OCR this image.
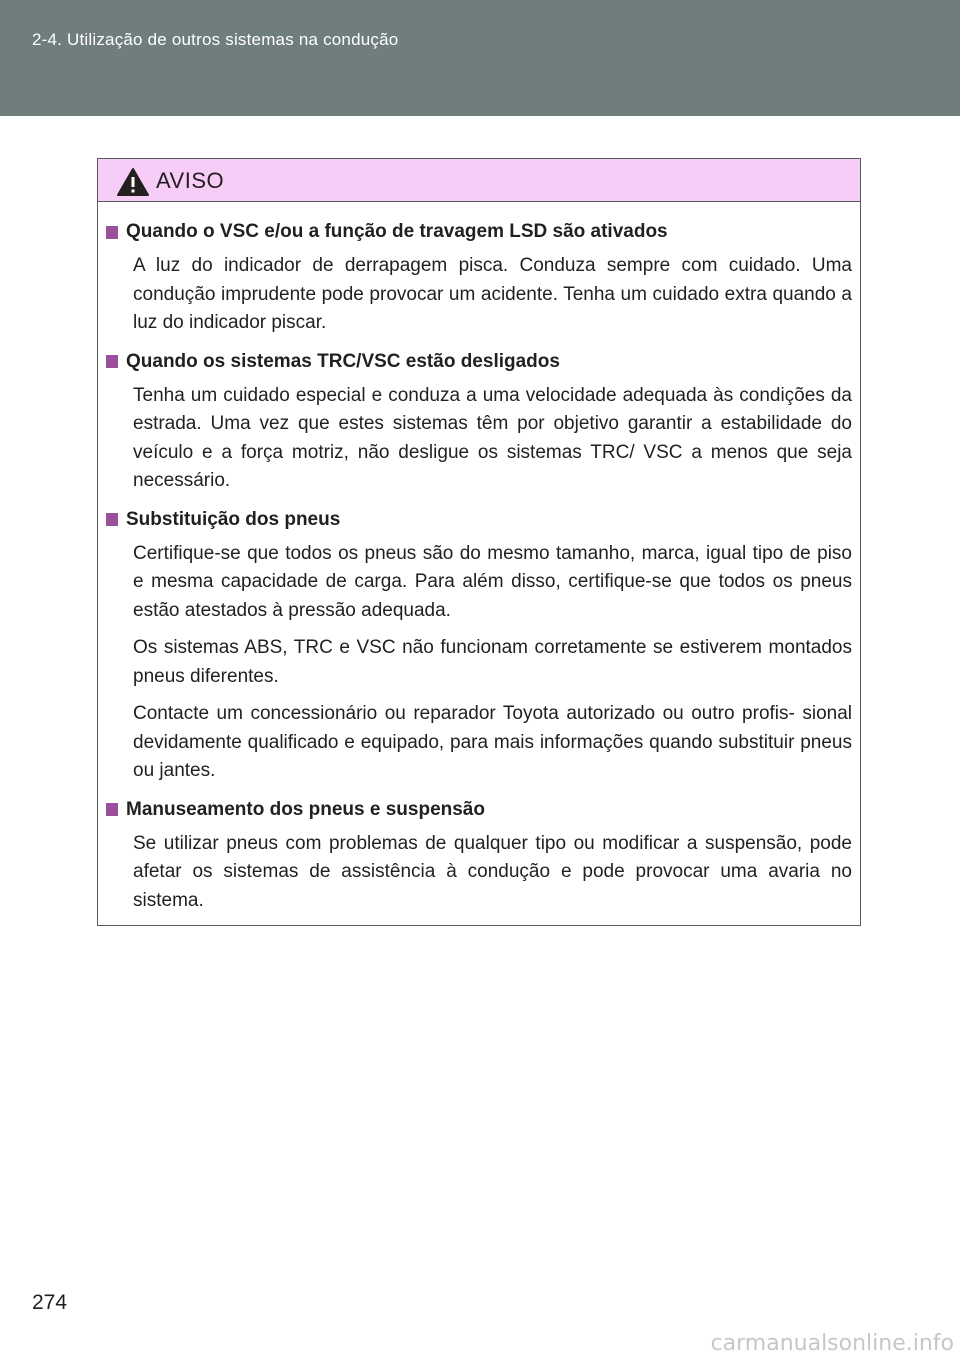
2-4. Utilização de outros sistemas na condução
AVISO
Quando o VSC e/ou a função de travagem LSD são ativados

A luz do indicador de derrapagem pisca. Conduza sempre com cuidado. Uma condução imprudente pode provocar um acidente. Tenha um cuidado extra quando a luz do indicador piscar.

Quando os sistemas TRC/VSC estão desligados

Tenha um cuidado especial e conduza a uma velocidade adequada às condições da estrada. Uma vez que estes sistemas têm por objetivo garantir a estabilidade do veículo e a força motriz, não desligue os sistemas TRC/ VSC a menos que seja necessário.

Substituição dos pneus

Certifique-se que todos os pneus são do mesmo tamanho, marca, igual tipo de piso e mesma capacidade de carga. Para além disso, certifique-se que todos os pneus estão atestados à pressão adequada.

Os sistemas ABS, TRC e VSC não funcionam corretamente se estiverem montados pneus diferentes.

Contacte um concessionário ou reparador Toyota autorizado ou outro profis- sional devidamente qualificado e equipado, para mais informações quando substituir pneus ou jantes.

Manuseamento dos pneus e suspensão

Se utilizar pneus com problemas de qualquer tipo ou modificar a suspensão, pode afetar os sistemas de assistência à condução e pode provocar uma avaria no sistema.

274
carmanualsonline.info
